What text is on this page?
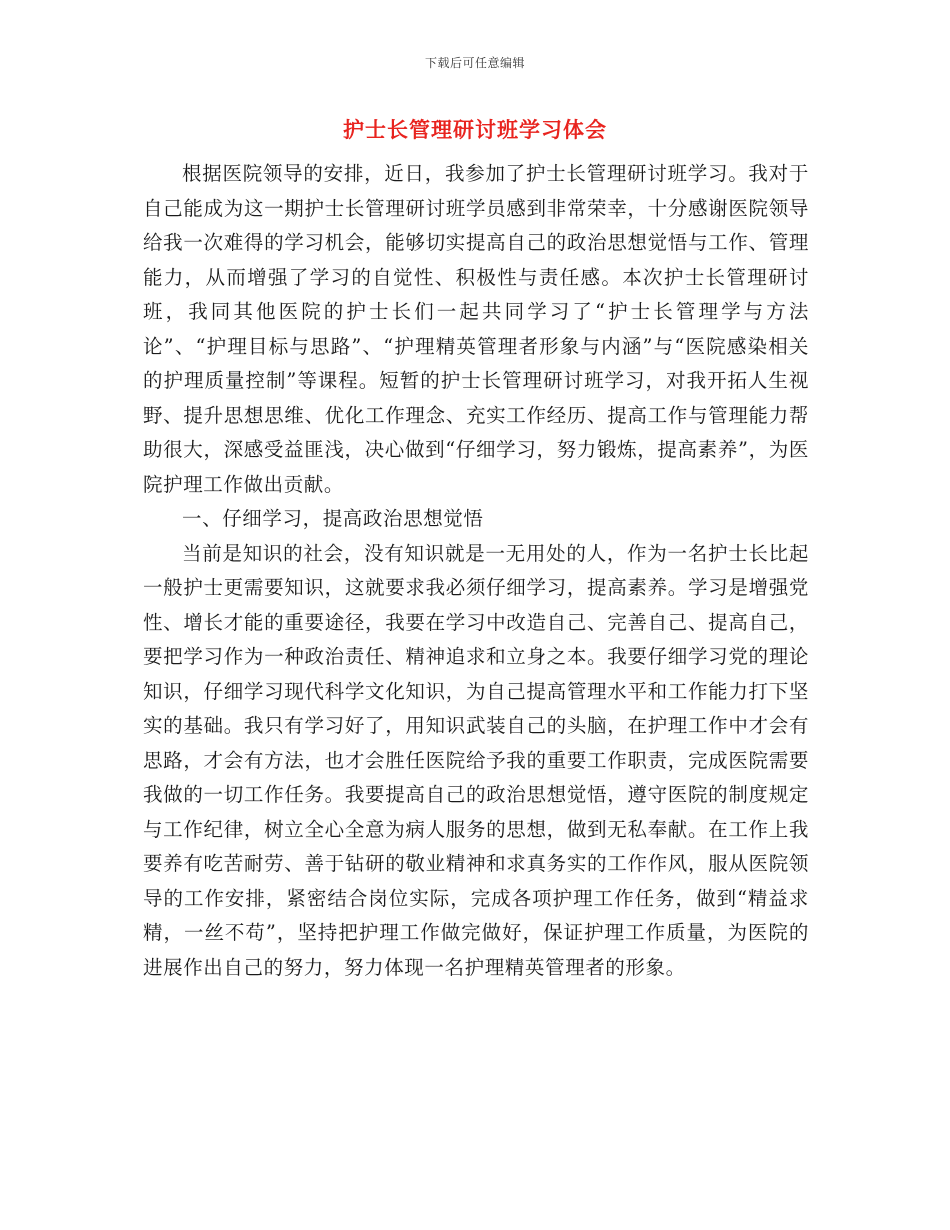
下载后可任意编辑
护士长管理研讨班学习体会

根据医院领导的安排，近日，我参加了护士长管理研讨班学习。我对于自己能成为这一期护士长管理研讨班学员感到非常荣幸，十分感谢医院领导给我一次难得的学习机会，能够切实提高自己的政治思想觉悟与工作、管理能力，从而增强了学习的自觉性、积极性与责任感。本次护士长管理研讨班，我同其他医院的护士长们一起共同学习了“护士长管理学与方法论”、“护理目标与思路”、“护理精英管理者形象与内涵”与“医院感染相关的护理质量控制”等课程。短暂的护士长管理研讨班学习，对我开拓人生视野、提升思想思维、优化工作理念、充实工作经历、提高工作与管理能力帮助很大，深感受益匪浅，决心做到“仔细学习，努力锻炼，提高素养”，为医院护理工作做出贡献。

一、仔细学习，提高政治思想觉悟

当前是知识的社会，没有知识就是一无用处的人，作为一名护士长比起一般护士更需要知识，这就要求我必须仔细学习，提高素养。学习是增强党性、增长才能的重要途径，我要在学习中改造自己、完善自己、提高自己，要把学习作为一种政治责任、精神追求和立身之本。我要仔细学习党的理论知识，仔细学习现代科学文化知识，为自己提高管理水平和工作能力打下坚实的基础。我只有学习好了，用知识武装自己的头脑，在护理工作中才会有思路，才会有方法，也才会胜任医院给予我的重要工作职责，完成医院需要我做的一切工作任务。我要提高自己的政治思想觉悟，遵守医院的制度规定与工作纪律，树立全心全意为病人服务的思想，做到无私奉献。在工作上我要养有吃苦耐劳、善于钻研的敬业精神和求真务实的工作作风，服从医院领导的工作安排，紧密结合岗位实际，完成各项护理工作任务，做到“精益求精，一丝不苟”，坚持把护理工作做完做好，保证护理工作质量，为医院的进展作出自己的努力，努力体现一名护理精英管理者的形象。
